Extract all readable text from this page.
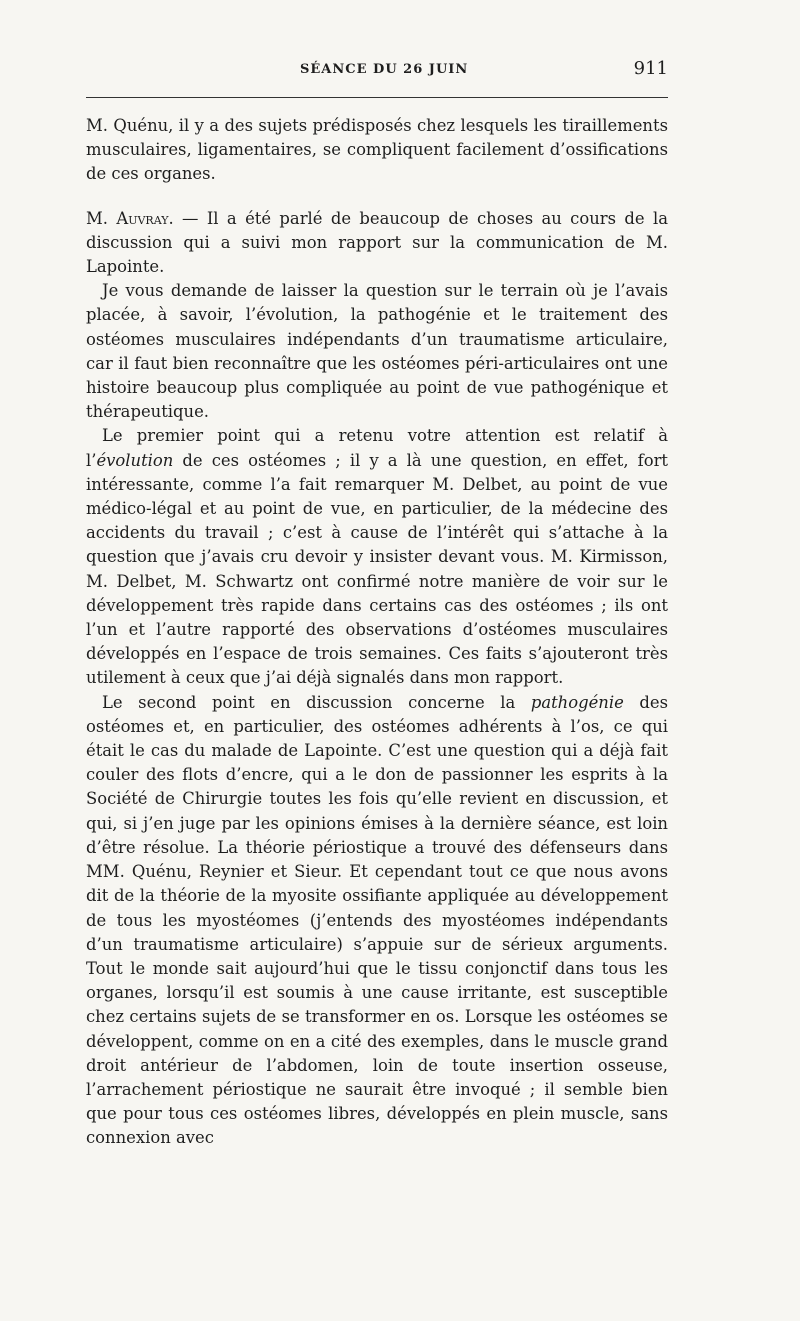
SÉANCE DU 26 JUIN	911

M. Quénu, il y a des sujets prédisposés chez lesquels les tiraillements musculaires, ligamentaires, se compliquent facilement d’ossifications de ces organes.

M. Auvray. — Il a été parlé de beaucoup de choses au cours de la discussion qui a suivi mon rapport sur la communication de M. Lapointe.

Je vous demande de laisser la question sur le terrain où je l’avais placée, à savoir, l’évolution, la pathogénie et le traitement des ostéomes musculaires indépendants d’un traumatisme articulaire, car il faut bien reconnaître que les ostéomes péri-articulaires ont une histoire beaucoup plus compliquée au point de vue pathogénique et thérapeutique.

Le premier point qui a retenu votre attention est relatif à l’évolution de ces ostéomes ; il y a là une question, en effet, fort intéressante, comme l’a fait remarquer M. Delbet, au point de vue médico-légal et au point de vue, en particulier, de la médecine des accidents du travail ; c’est à cause de l’intérêt qui s’attache à la question que j’avais cru devoir y insister devant vous. M. Kirmisson, M. Delbet, M. Schwartz ont confirmé notre manière de voir sur le développement très rapide dans certains cas des ostéomes ; ils ont l’un et l’autre rapporté des observations d’ostéomes musculaires développés en l’espace de trois semaines. Ces faits s’ajouteront très utilement à ceux que j’ai déjà signalés dans mon rapport.

Le second point en discussion concerne la pathogénie des ostéomes et, en particulier, des ostéomes adhérents à l’os, ce qui était le cas du malade de Lapointe. C’est une question qui a déjà fait couler des flots d’encre, qui a le don de passionner les esprits à la Société de Chirurgie toutes les fois qu’elle revient en discussion, et qui, si j’en juge par les opinions émises à la dernière séance, est loin d’être résolue. La théorie périostique a trouvé des défenseurs dans MM. Quénu, Reynier et Sieur. Et cependant tout ce que nous avons dit de la théorie de la myosite ossifiante appliquée au développement de tous les myostéomes (j’entends des myostéomes indépendants d’un traumatisme articulaire) s’appuie sur de sérieux arguments. Tout le monde sait aujourd’hui que le tissu conjonctif dans tous les organes, lorsqu’il est soumis à une cause irritante, est susceptible chez certains sujets de se transformer en os. Lorsque les ostéomes se développent, comme on en a cité des exemples, dans le muscle grand droit antérieur de l’abdomen, loin de toute insertion osseuse, l’arrachement périostique ne saurait être invoqué ; il semble bien que pour tous ces ostéomes libres, développés en plein muscle, sans connexion avec
